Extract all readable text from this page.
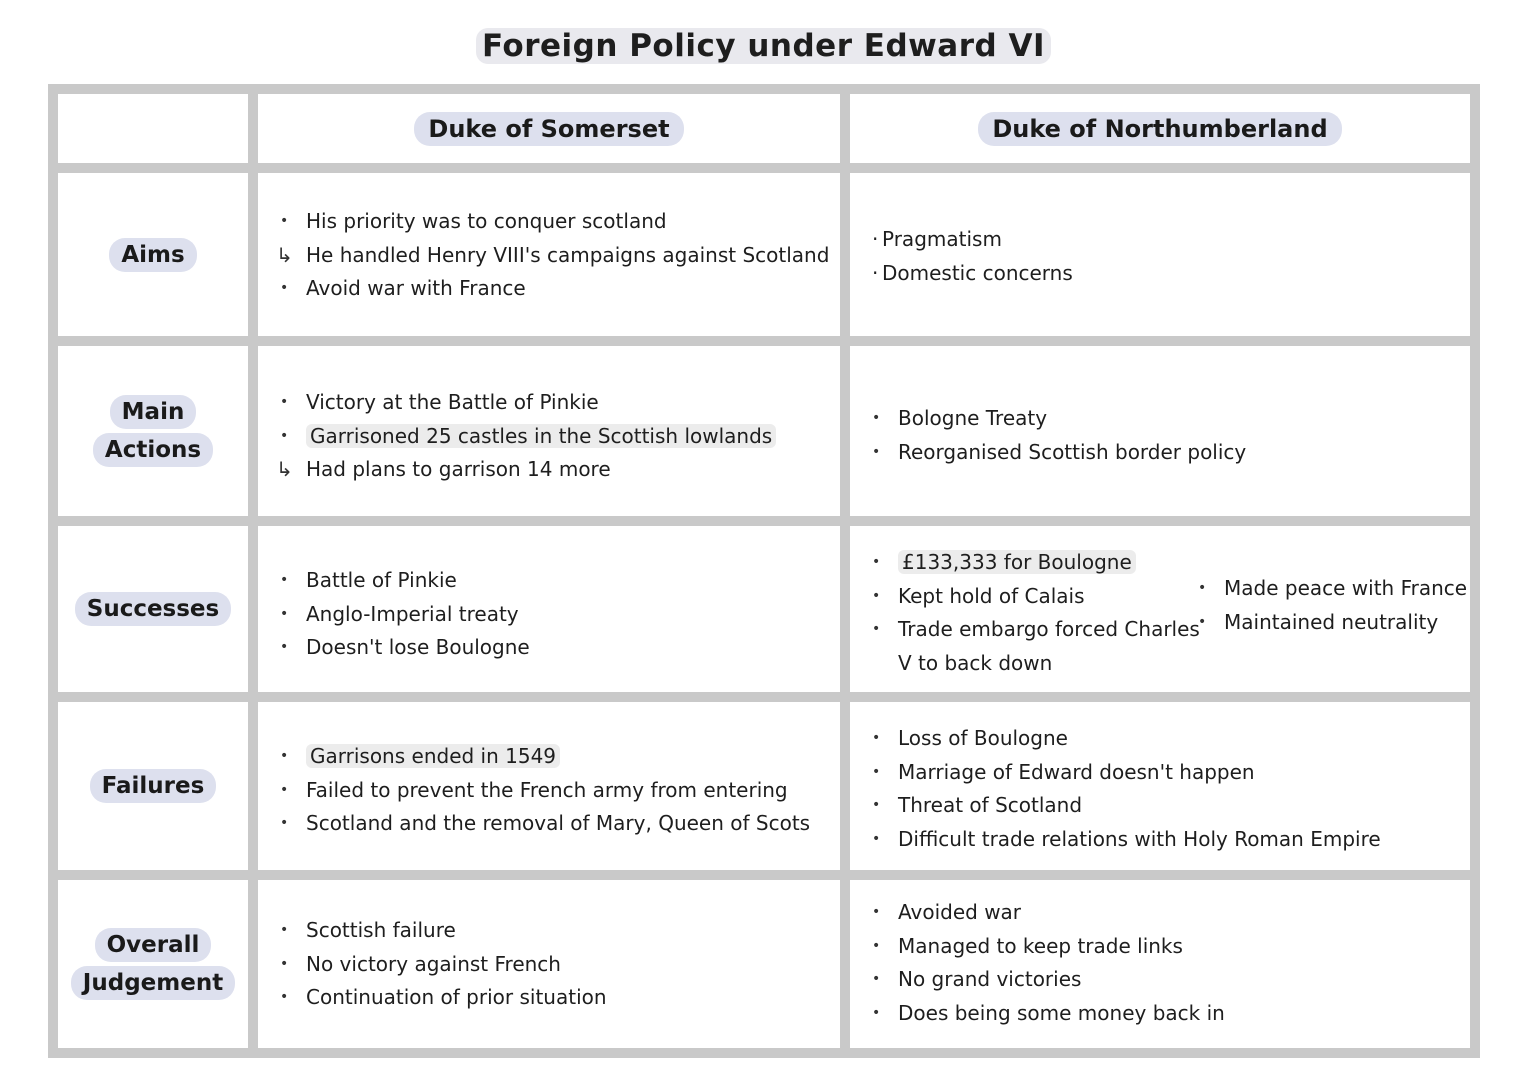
Foreign Policy under Edward VI
Duke of Somerset	Duke of Northumberland
Aims
• His priority was to conquer scotland
↳ He handled Henry VIII's campaigns against Scotland
• Avoid war with France
· Pragmatism
· Domestic concerns
Main
Actions
• Victory at the Battle of Pinkie
• Garrisoned 25 castles in the Scottish lowlands
↳ Had plans to garrison 14 more
• Bologne Treaty
• Reorganised Scottish border policy
Successes
• Battle of Pinkie
• Anglo-Imperial treaty
• Doesn't lose Boulogne
• £133,333 for Boulogne
• Kept hold of Calais
• Trade embargo forced Charles
V to back down
• Made peace with France
• Maintained neutrality
Failures
• Garrisons ended in 1549
• Failed to prevent the French army from entering
• Scotland and the removal of Mary, Queen of Scots
• Loss of Boulogne
• Marriage of Edward doesn't happen
• Threat of Scotland
• Difficult trade relations with Holy Roman Empire
Overall
Judgement
• Scottish failure
• No victory against French
• Continuation of prior situation
• Avoided war
• Managed to keep trade links
• No grand victories
• Does being some money back in
